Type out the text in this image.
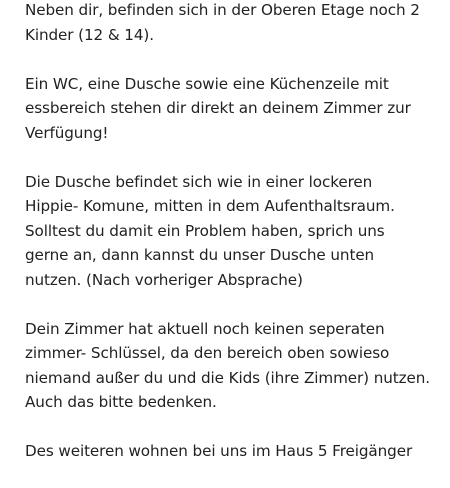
Neben dir, befinden sich in der Oberen Etage noch 2
Kinder (12 & 14).

Ein WC, eine Dusche sowie eine Küchenzeile mit
essbereich stehen dir direkt an deinem Zimmer zur
Verfügung!

Die Dusche befindet sich wie in einer lockeren
Hippie- Komune, mitten in dem Aufenthaltsraum.
Solltest du damit ein Problem haben, sprich uns
gerne an, dann kannst du unser Dusche unten
nutzen. (Nach vorheriger Absprache)

Dein Zimmer hat aktuell noch keinen seperaten
zimmer- Schlüssel, da den bereich oben sowieso
niemand außer du und die Kids (ihre Zimmer) nutzen.
Auch das bitte bedenken.

Des weiteren wohnen bei uns im Haus 5 Freigänger
